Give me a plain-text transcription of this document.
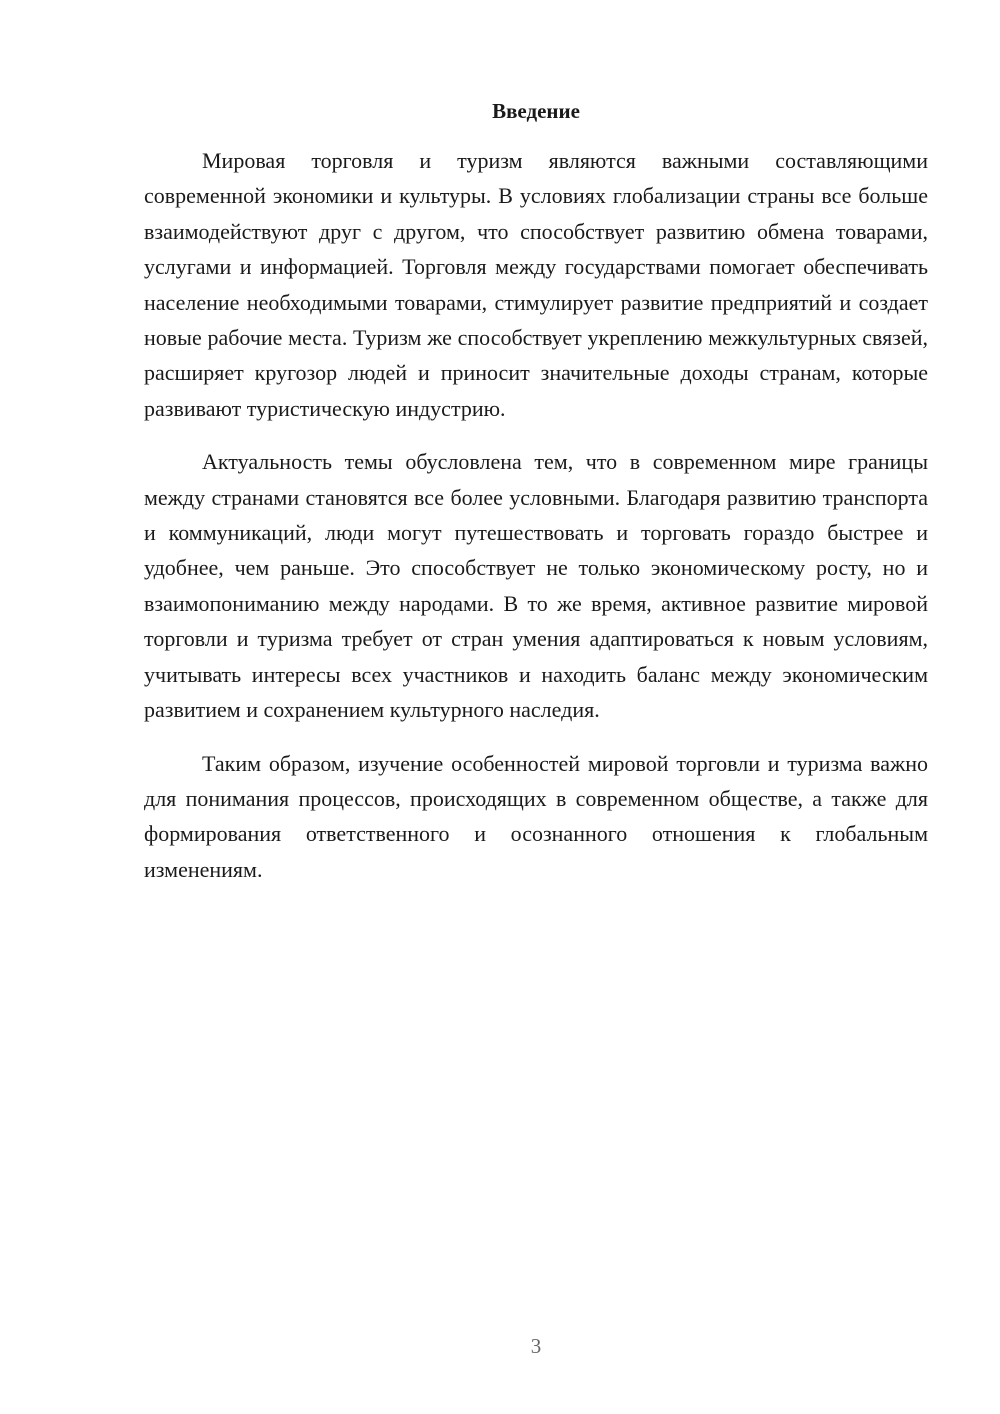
Введение

Мировая торговля и туризм являются важными составляющими современной экономики и культуры. В условиях глобализации страны все больше взаимодействуют друг с другом, что способствует развитию обмена товарами, услугами и информацией. Торговля между государствами помогает обеспечивать население необходимыми товарами, стимулирует развитие предприятий и создает новые рабочие места. Туризм же способствует укреплению межкультурных связей, расширяет кругозор людей и приносит значительные доходы странам, которые развивают туристическую индустрию.

Актуальность темы обусловлена тем, что в современном мире границы между странами становятся все более условными. Благодаря развитию транспорта и коммуникаций, люди могут путешествовать и торговать гораздо быстрее и удобнее, чем раньше. Это способствует не только экономическому росту, но и взаимопониманию между народами. В то же время, активное развитие мировой торговли и туризма требует от стран умения адаптироваться к новым условиям, учитывать интересы всех участников и находить баланс между экономическим развитием и сохранением культурного наследия.

Таким образом, изучение особенностей мировой торговли и туризма важно для понимания процессов, происходящих в современном обществе, а также для формирования ответственного и осознанного отношения к глобальным изменениям.

3
